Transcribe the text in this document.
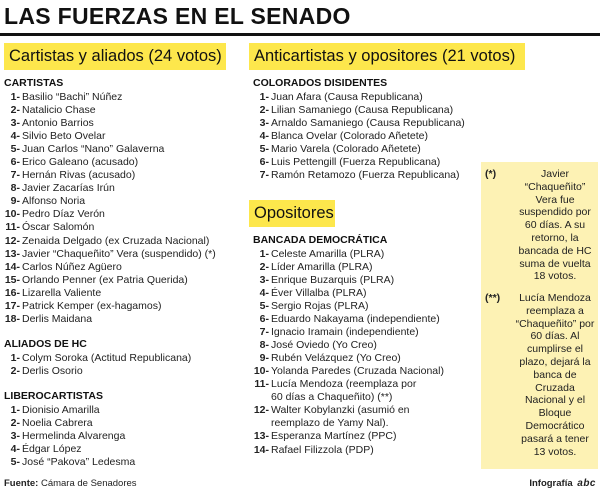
LAS FUERZAS EN EL SENADO
Cartistas y aliados (24 votos)	Anticartistas y opositores (21 votos)
CARTISTAS
1 - Basilio “Bachi” Núñez
2 - Natalicio Chase
3 - Antonio Barrios
4 - Silvio Beto Ovelar
5 - Juan Carlos “Nano” Galaverna
6 - Erico Galeano (acusado)
7 - Hernán Rivas (acusado)
8 - Javier Zacarías Irún
9 - Alfonso Noria
10 - Pedro Díaz Verón
11 - Óscar Salomón
12 - Zenaida Delgado (ex Cruzada Nacional)
13 - Javier “Chaqueñito” Vera (suspendido) (*)
14 - Carlos Núñez Agüero
15 - Orlando Penner (ex Patria Querida)
16 - Lizarella Valiente
17 - Patrick Kemper (ex-hagamos)
18 - Derlis Maidana
ALIADOS DE HC
1 - Colym Soroka (Actitud Republicana)
2 - Derlis Osorio
LIBEROCARTISTAS
1 - Dionisio Amarilla
2 - Noelia Cabrera
3 - Hermelinda Alvarenga
4 - Édgar López
5 - José “Pakova” Ledesma
COLORADOS DISIDENTES
1 - Juan Afara (Causa Republicana)
2 - Lilian Samaniego (Causa Republicana)
3 - Arnaldo Samaniego (Causa Republicana)
4 - Blanca Ovelar (Colorado Añetete)
5 - Mario Varela (Colorado Añetete)
6 - Luis Pettengill (Fuerza Republicana)
7 - Ramón Retamozo (Fuerza Republicana)
Opositores
BANCADA DEMOCRÁTICA
1 - Celeste Amarilla (PLRA)
2 - Líder Amarilla (PLRA)
3 - Enrique Buzarquis (PLRA)
4 - Éver Villalba (PLRA)
5 - Sergio Rojas (PLRA)
6 - Eduardo Nakayama (independiente)
7 - Ignacio Iramain (independiente)
8 - José Oviedo (Yo Creo)
9 - Rubén Velázquez (Yo Creo)
10 - Yolanda Paredes (Cruzada Nacional)
11 - Lucía Mendoza (reemplaza por 60 días a Chaqueñito) (**)
12 - Walter Kobylanzki (asumió en reemplazo de Yamy Nal).
13 - Esperanza Martínez (PPC)
14 - Rafael Filizzola (PDP)
(*)	Javier “Chaqueñito” Vera fue suspendido por 60 días. A su retorno, la bancada de HC suma de vuelta 18 votos.
(**)	Lucía Mendoza reemplaza a “Chaqueñito” por 60 días. Al cumplirse el plazo, dejará la banca de Cruzada Nacional y el Bloque Democrático pasará a tener 13 votos.
Fuente: Cámara de Senadores	Infografía abc
